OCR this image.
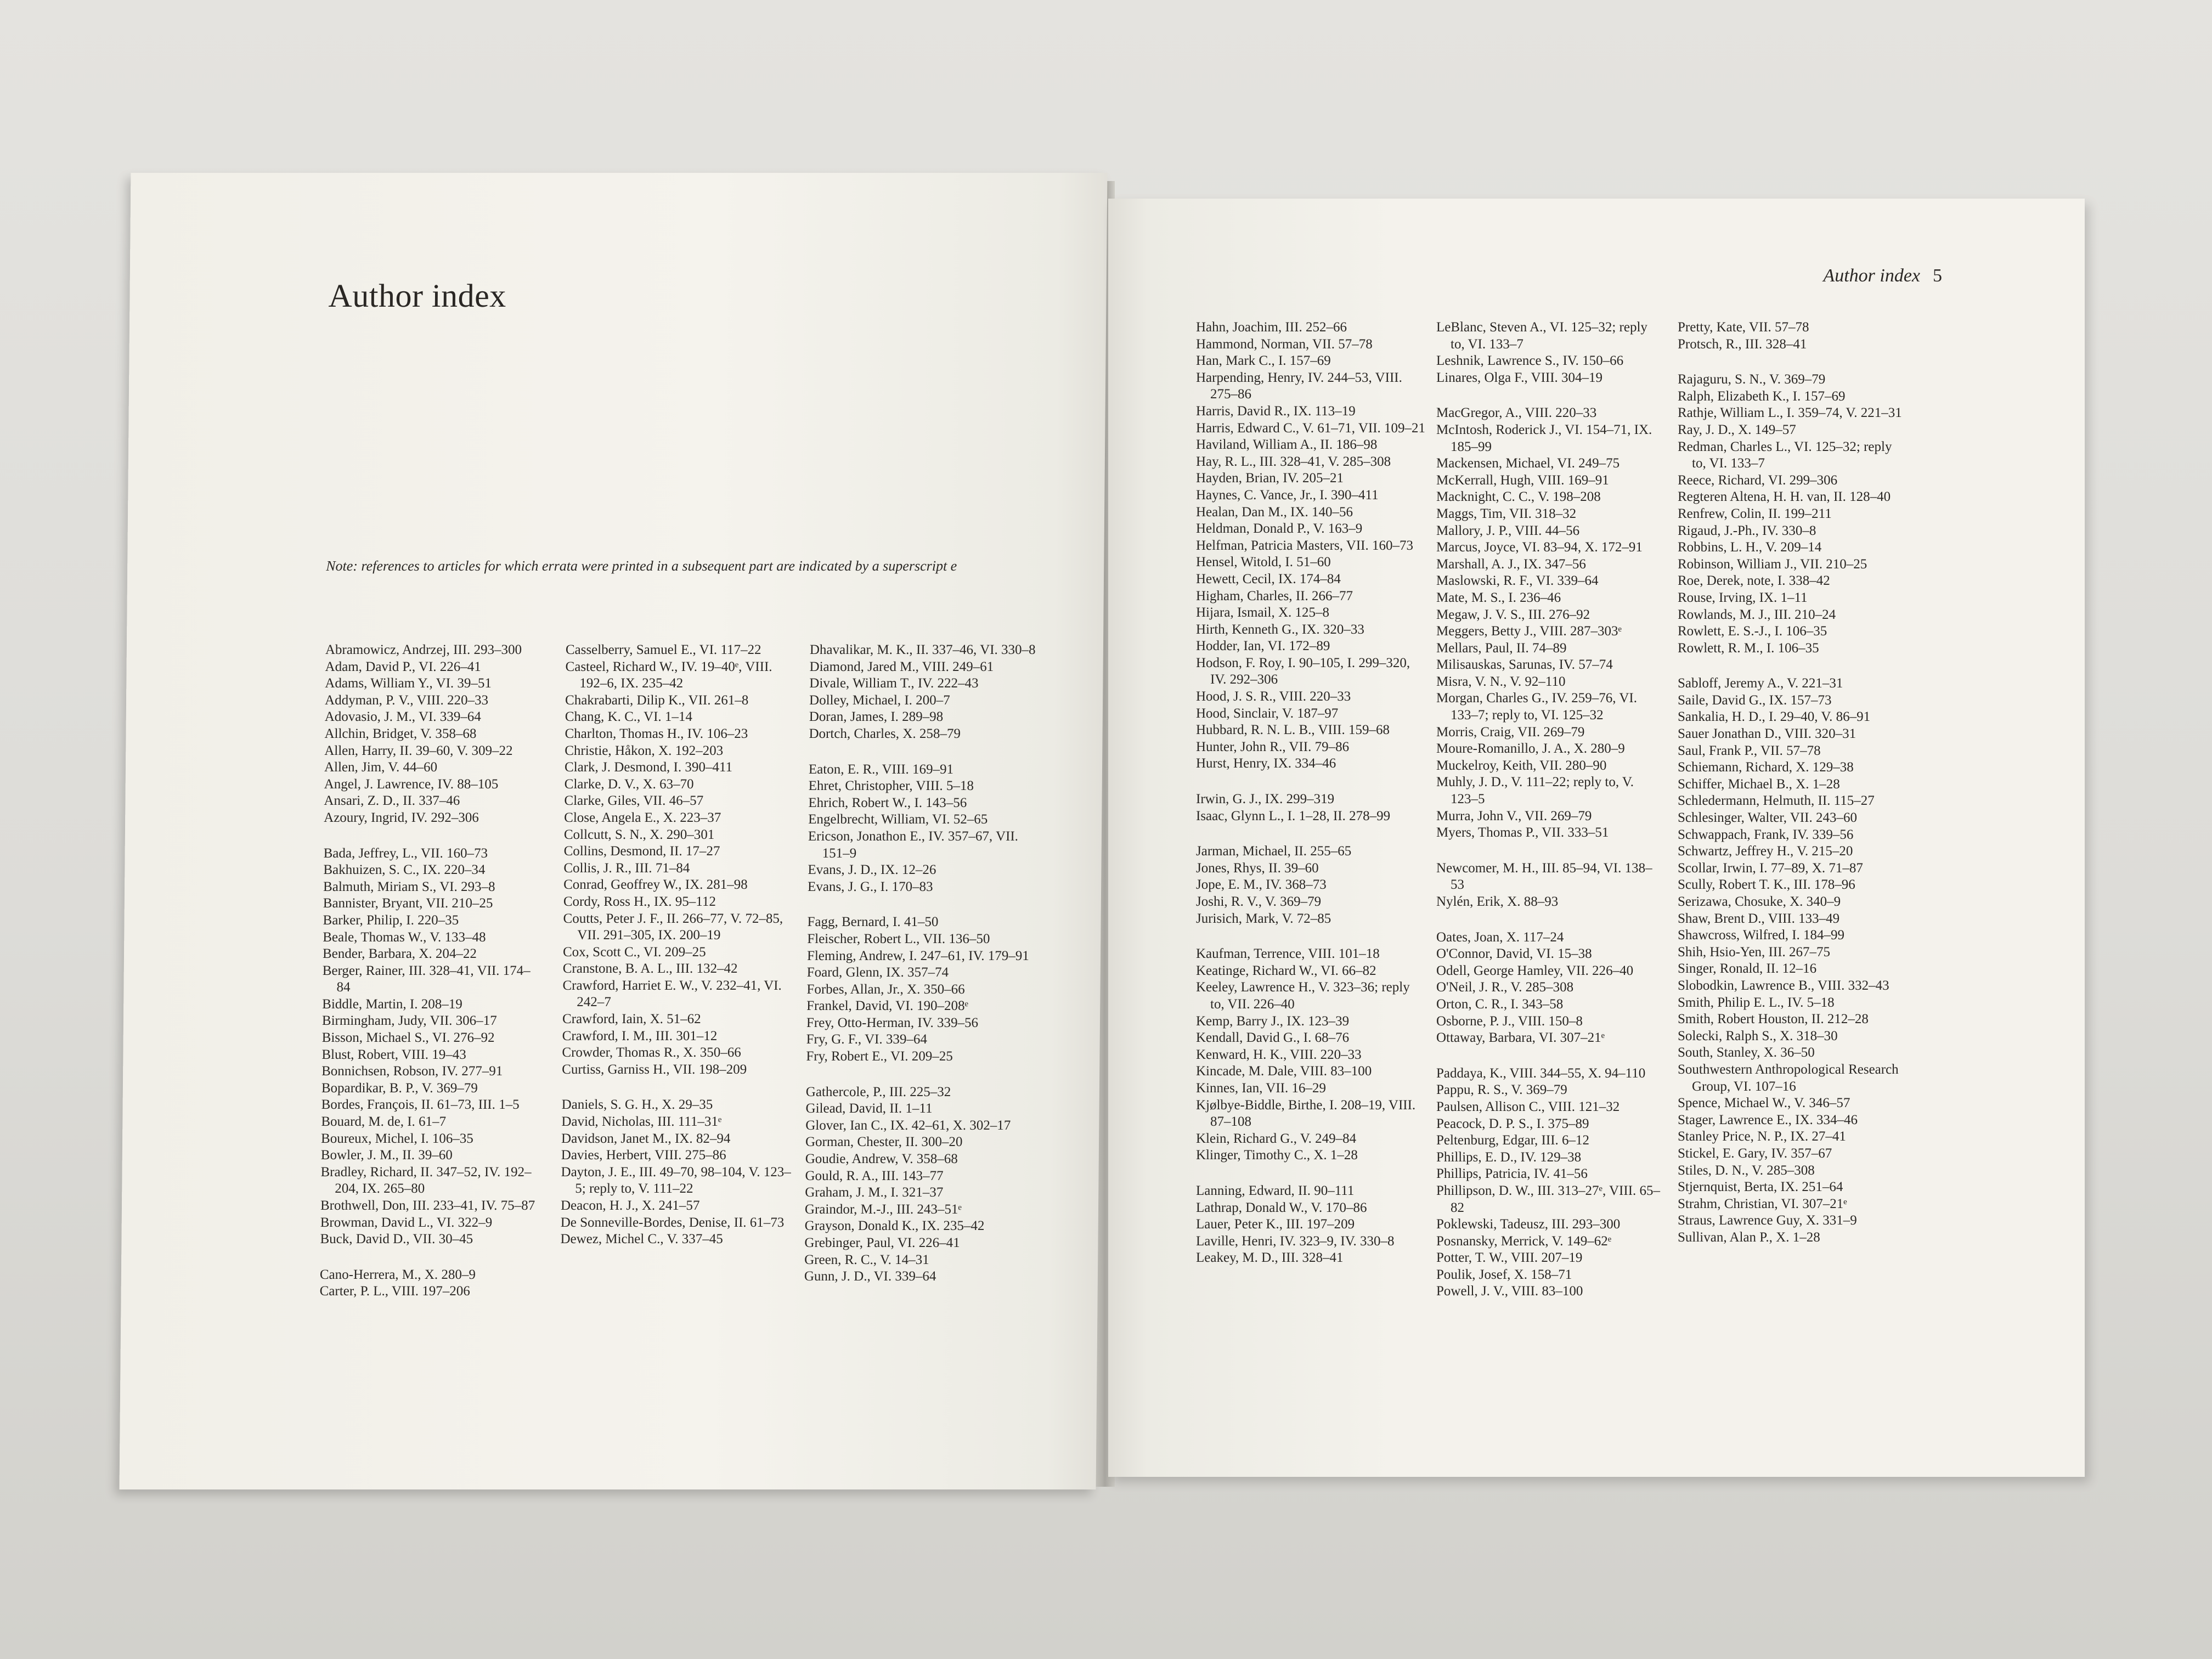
Author index

Note: references to articles for which errata were printed in a subsequent part are indicated by a superscript e

Abramowicz, Andrzej, III. 293–300
Adam, David P., VI. 226–41
Adams, William Y., VI. 39–51
Addyman, P. V., VIII. 220–33
Adovasio, J. M., VI. 339–64
Allchin, Bridget, V. 358–68
Allen, Harry, II. 39–60, V. 309–22
Allen, Jim, V. 44–60
Angel, J. Lawrence, IV. 88–105
Ansari, Z. D., II. 337–46
Azoury, Ingrid, IV. 292–306
Bada, Jeffrey, L., VII. 160–73
Bakhuizen, S. C., IX. 220–34
Balmuth, Miriam S., VI. 293–8
Bannister, Bryant, VII. 210–25
Barker, Philip, I. 220–35
Beale, Thomas W., V. 133–48
Bender, Barbara, X. 204–22
Berger, Rainer, III. 328–41, VII. 174–84
Biddle, Martin, I. 208–19
Birmingham, Judy, VII. 306–17
Bisson, Michael S., VI. 276–92
Blust, Robert, VIII. 19–43
Bonnichsen, Robson, IV. 277–91
Bopardikar, B. P., V. 369–79
Bordes, François, II. 61–73, III. 1–5
Bouard, M. de, I. 61–7
Boureux, Michel, I. 106–35
Bowler, J. M., II. 39–60
Bradley, Richard, II. 347–52, IV. 192–204, IX. 265–80
Brothwell, Don, III. 233–41, IV. 75–87
Browman, David L., VI. 322–9
Buck, David D., VII. 30–45
Cano-Herrera, M., X. 280–9
Carter, P. L., VIII. 197–206
Casselberry, Samuel E., VI. 117–22
Casteel, Richard W., IV. 19–40ᵉ, VIII. 192–6, IX. 235–42
Chakrabarti, Dilip K., VII. 261–8
Chang, K. C., VI. 1–14
Charlton, Thomas H., IV. 106–23
Christie, Håkon, X. 192–203
Clark, J. Desmond, I. 390–411
Clarke, D. V., X. 63–70
Clarke, Giles, VII. 46–57
Close, Angela E., X. 223–37
Collcutt, S. N., X. 290–301
Collins, Desmond, II. 17–27
Collis, J. R., III. 71–84
Conrad, Geoffrey W., IX. 281–98
Cordy, Ross H., IX. 95–112
Coutts, Peter J. F., II. 266–77, V. 72–85, VII. 291–305, IX. 200–19
Cox, Scott C., VI. 209–25
Cranstone, B. A. L., III. 132–42
Crawford, Harriet E. W., V. 232–41, VI. 242–7
Crawford, Iain, X. 51–62
Crawford, I. M., III. 301–12
Crowder, Thomas R., X. 350–66
Curtiss, Garniss H., VII. 198–209
Daniels, S. G. H., X. 29–35
David, Nicholas, III. 111–31ᵉ
Davidson, Janet M., IX. 82–94
Davies, Herbert, VIII. 275–86
Dayton, J. E., III. 49–70, 98–104, V. 123–5; reply to, V. 111–22
Deacon, H. J., X. 241–57
De Sonneville-Bordes, Denise, II. 61–73
Dewez, Michel C., V. 337–45
Dhavalikar, M. K., II. 337–46, VI. 330–8
Diamond, Jared M., VIII. 249–61
Divale, William T., IV. 222–43
Dolley, Michael, I. 200–7
Doran, James, I. 289–98
Dortch, Charles, X. 258–79
Eaton, E. R., VIII. 169–91
Ehret, Christopher, VIII. 5–18
Ehrich, Robert W., I. 143–56
Engelbrecht, William, VI. 52–65
Ericson, Jonathon E., IV. 357–67, VII. 151–9
Evans, J. D., IX. 12–26
Evans, J. G., I. 170–83
Fagg, Bernard, I. 41–50
Fleischer, Robert L., VII. 136–50
Fleming, Andrew, I. 247–61, IV. 179–91
Foard, Glenn, IX. 357–74
Forbes, Allan, Jr., X. 350–66
Frankel, David, VI. 190–208ᵉ
Frey, Otto-Herman, IV. 339–56
Fry, G. F., VI. 339–64
Fry, Robert E., VI. 209–25
Gathercole, P., III. 225–32
Gilead, David, II. 1–11
Glover, Ian C., IX. 42–61, X. 302–17
Gorman, Chester, II. 300–20
Goudie, Andrew, V. 358–68
Gould, R. A., III. 143–77
Graham, J. M., I. 321–37
Graindor, M.-J., III. 243–51ᵉ
Grayson, Donald K., IX. 235–42
Grebinger, Paul, VI. 226–41
Green, R. C., V. 14–31
Gunn, J. D., VI. 339–64
Author index 5
Hahn, Joachim, III. 252–66
Hammond, Norman, VII. 57–78
Han, Mark C., I. 157–69
Harpending, Henry, IV. 244–53, VIII. 275–86
Harris, David R., IX. 113–19
Harris, Edward C., V. 61–71, VII. 109–21
Haviland, William A., II. 186–98
Hay, R. L., III. 328–41, V. 285–308
Hayden, Brian, IV. 205–21
Haynes, C. Vance, Jr., I. 390–411
Healan, Dan M., IX. 140–56
Heldman, Donald P., V. 163–9
Helfman, Patricia Masters, VII. 160–73
Hensel, Witold, I. 51–60
Hewett, Cecil, IX. 174–84
Higham, Charles, II. 266–77
Hijara, Ismail, X. 125–8
Hirth, Kenneth G., IX. 320–33
Hodder, Ian, VI. 172–89
Hodson, F. Roy, I. 90–105, I. 299–320, IV. 292–306
Hood, J. S. R., VIII. 220–33
Hood, Sinclair, V. 187–97
Hubbard, R. N. L. B., VIII. 159–68
Hunter, John R., VII. 79–86
Hurst, Henry, IX. 334–46
Irwin, G. J., IX. 299–319
Isaac, Glynn L., I. 1–28, II. 278–99
Jarman, Michael, II. 255–65
Jones, Rhys, II. 39–60
Jope, E. M., IV. 368–73
Joshi, R. V., V. 369–79
Jurisich, Mark, V. 72–85
Kaufman, Terrence, VIII. 101–18
Keatinge, Richard W., VI. 66–82
Keeley, Lawrence H., V. 323–36; reply to, VII. 226–40
Kemp, Barry J., IX. 123–39
Kendall, David G., I. 68–76
Kenward, H. K., VIII. 220–33
Kincade, M. Dale, VIII. 83–100
Kinnes, Ian, VII. 16–29
Kjølbye-Biddle, Birthe, I. 208–19, VIII. 87–108
Klein, Richard G., V. 249–84
Klinger, Timothy C., X. 1–28
Lanning, Edward, II. 90–111
Lathrap, Donald W., V. 170–86
Lauer, Peter K., III. 197–209
Laville, Henri, IV. 323–9, IV. 330–8
Leakey, M. D., III. 328–41
LeBlanc, Steven A., VI. 125–32; reply to, VI. 133–7
Leshnik, Lawrence S., IV. 150–66
Linares, Olga F., VIII. 304–19
MacGregor, A., VIII. 220–33
McIntosh, Roderick J., VI. 154–71, IX. 185–99
Mackensen, Michael, VI. 249–75
McKerrall, Hugh, VIII. 169–91
Macknight, C. C., V. 198–208
Maggs, Tim, VII. 318–32
Mallory, J. P., VIII. 44–56
Marcus, Joyce, VI. 83–94, X. 172–91
Marshall, A. J., IX. 347–56
Maslowski, R. F., VI. 339–64
Mate, M. S., I. 236–46
Megaw, J. V. S., III. 276–92
Meggers, Betty J., VIII. 287–303ᵉ
Mellars, Paul, II. 74–89
Milisauskas, Sarunas, IV. 57–74
Misra, V. N., V. 92–110
Morgan, Charles G., IV. 259–76, VI. 133–7; reply to, VI. 125–32
Morris, Craig, VII. 269–79
Moure-Romanillo, J. A., X. 280–9
Muckelroy, Keith, VII. 280–90
Muhly, J. D., V. 111–22; reply to, V. 123–5
Murra, John V., VII. 269–79
Myers, Thomas P., VII. 333–51
Newcomer, M. H., III. 85–94, VI. 138–53
Nylén, Erik, X. 88–93
Oates, Joan, X. 117–24
O'Connor, David, VI. 15–38
Odell, George Hamley, VII. 226–40
O'Neil, J. R., V. 285–308
Orton, C. R., I. 343–58
Osborne, P. J., VIII. 150–8
Ottaway, Barbara, VI. 307–21ᵉ
Paddaya, K., VIII. 344–55, X. 94–110
Pappu, R. S., V. 369–79
Paulsen, Allison C., VIII. 121–32
Peacock, D. P. S., I. 375–89
Peltenburg, Edgar, III. 6–12
Phillips, E. D., IV. 129–38
Phillips, Patricia, IV. 41–56
Phillipson, D. W., III. 313–27ᵉ, VIII. 65–82
Poklewski, Tadeusz, III. 293–300
Posnansky, Merrick, V. 149–62ᵉ
Potter, T. W., VIII. 207–19
Poulik, Josef, X. 158–71
Powell, J. V., VIII. 83–100
Pretty, Kate, VII. 57–78
Protsch, R., III. 328–41
Rajaguru, S. N., V. 369–79
Ralph, Elizabeth K., I. 157–69
Rathje, William L., I. 359–74, V. 221–31
Ray, J. D., X. 149–57
Redman, Charles L., VI. 125–32; reply to, VI. 133–7
Reece, Richard, VI. 299–306
Regteren Altena, H. H. van, II. 128–40
Renfrew, Colin, II. 199–211
Rigaud, J.-Ph., IV. 330–8
Robbins, L. H., V. 209–14
Robinson, William J., VII. 210–25
Roe, Derek, note, I. 338–42
Rouse, Irving, IX. 1–11
Rowlands, M. J., III. 210–24
Rowlett, E. S.-J., I. 106–35
Rowlett, R. M., I. 106–35
Sabloff, Jeremy A., V. 221–31
Saile, David G., IX. 157–73
Sankalia, H. D., I. 29–40, V. 86–91
Sauer Jonathan D., VIII. 320–31
Saul, Frank P., VII. 57–78
Schiemann, Richard, X. 129–38
Schiffer, Michael B., X. 1–28
Schledermann, Helmuth, II. 115–27
Schlesinger, Walter, VII. 243–60
Schwappach, Frank, IV. 339–56
Schwartz, Jeffrey H., V. 215–20
Scollar, Irwin, I. 77–89, X. 71–87
Scully, Robert T. K., III. 178–96
Serizawa, Chosuke, X. 340–9
Shaw, Brent D., VIII. 133–49
Shawcross, Wilfred, I. 184–99
Shih, Hsio-Yen, III. 267–75
Singer, Ronald, II. 12–16
Slobodkin, Lawrence B., VIII. 332–43
Smith, Philip E. L., IV. 5–18
Smith, Robert Houston, II. 212–28
Solecki, Ralph S., X. 318–30
South, Stanley, X. 36–50
Southwestern Anthropological Research Group, VI. 107–16
Spence, Michael W., V. 346–57
Stager, Lawrence E., IX. 334–46
Stanley Price, N. P., IX. 27–41
Stickel, E. Gary, IV. 357–67
Stiles, D. N., V. 285–308
Stjernquist, Berta, IX. 251–64
Strahm, Christian, VI. 307–21ᵉ
Straus, Lawrence Guy, X. 331–9
Sullivan, Alan P., X. 1–28
